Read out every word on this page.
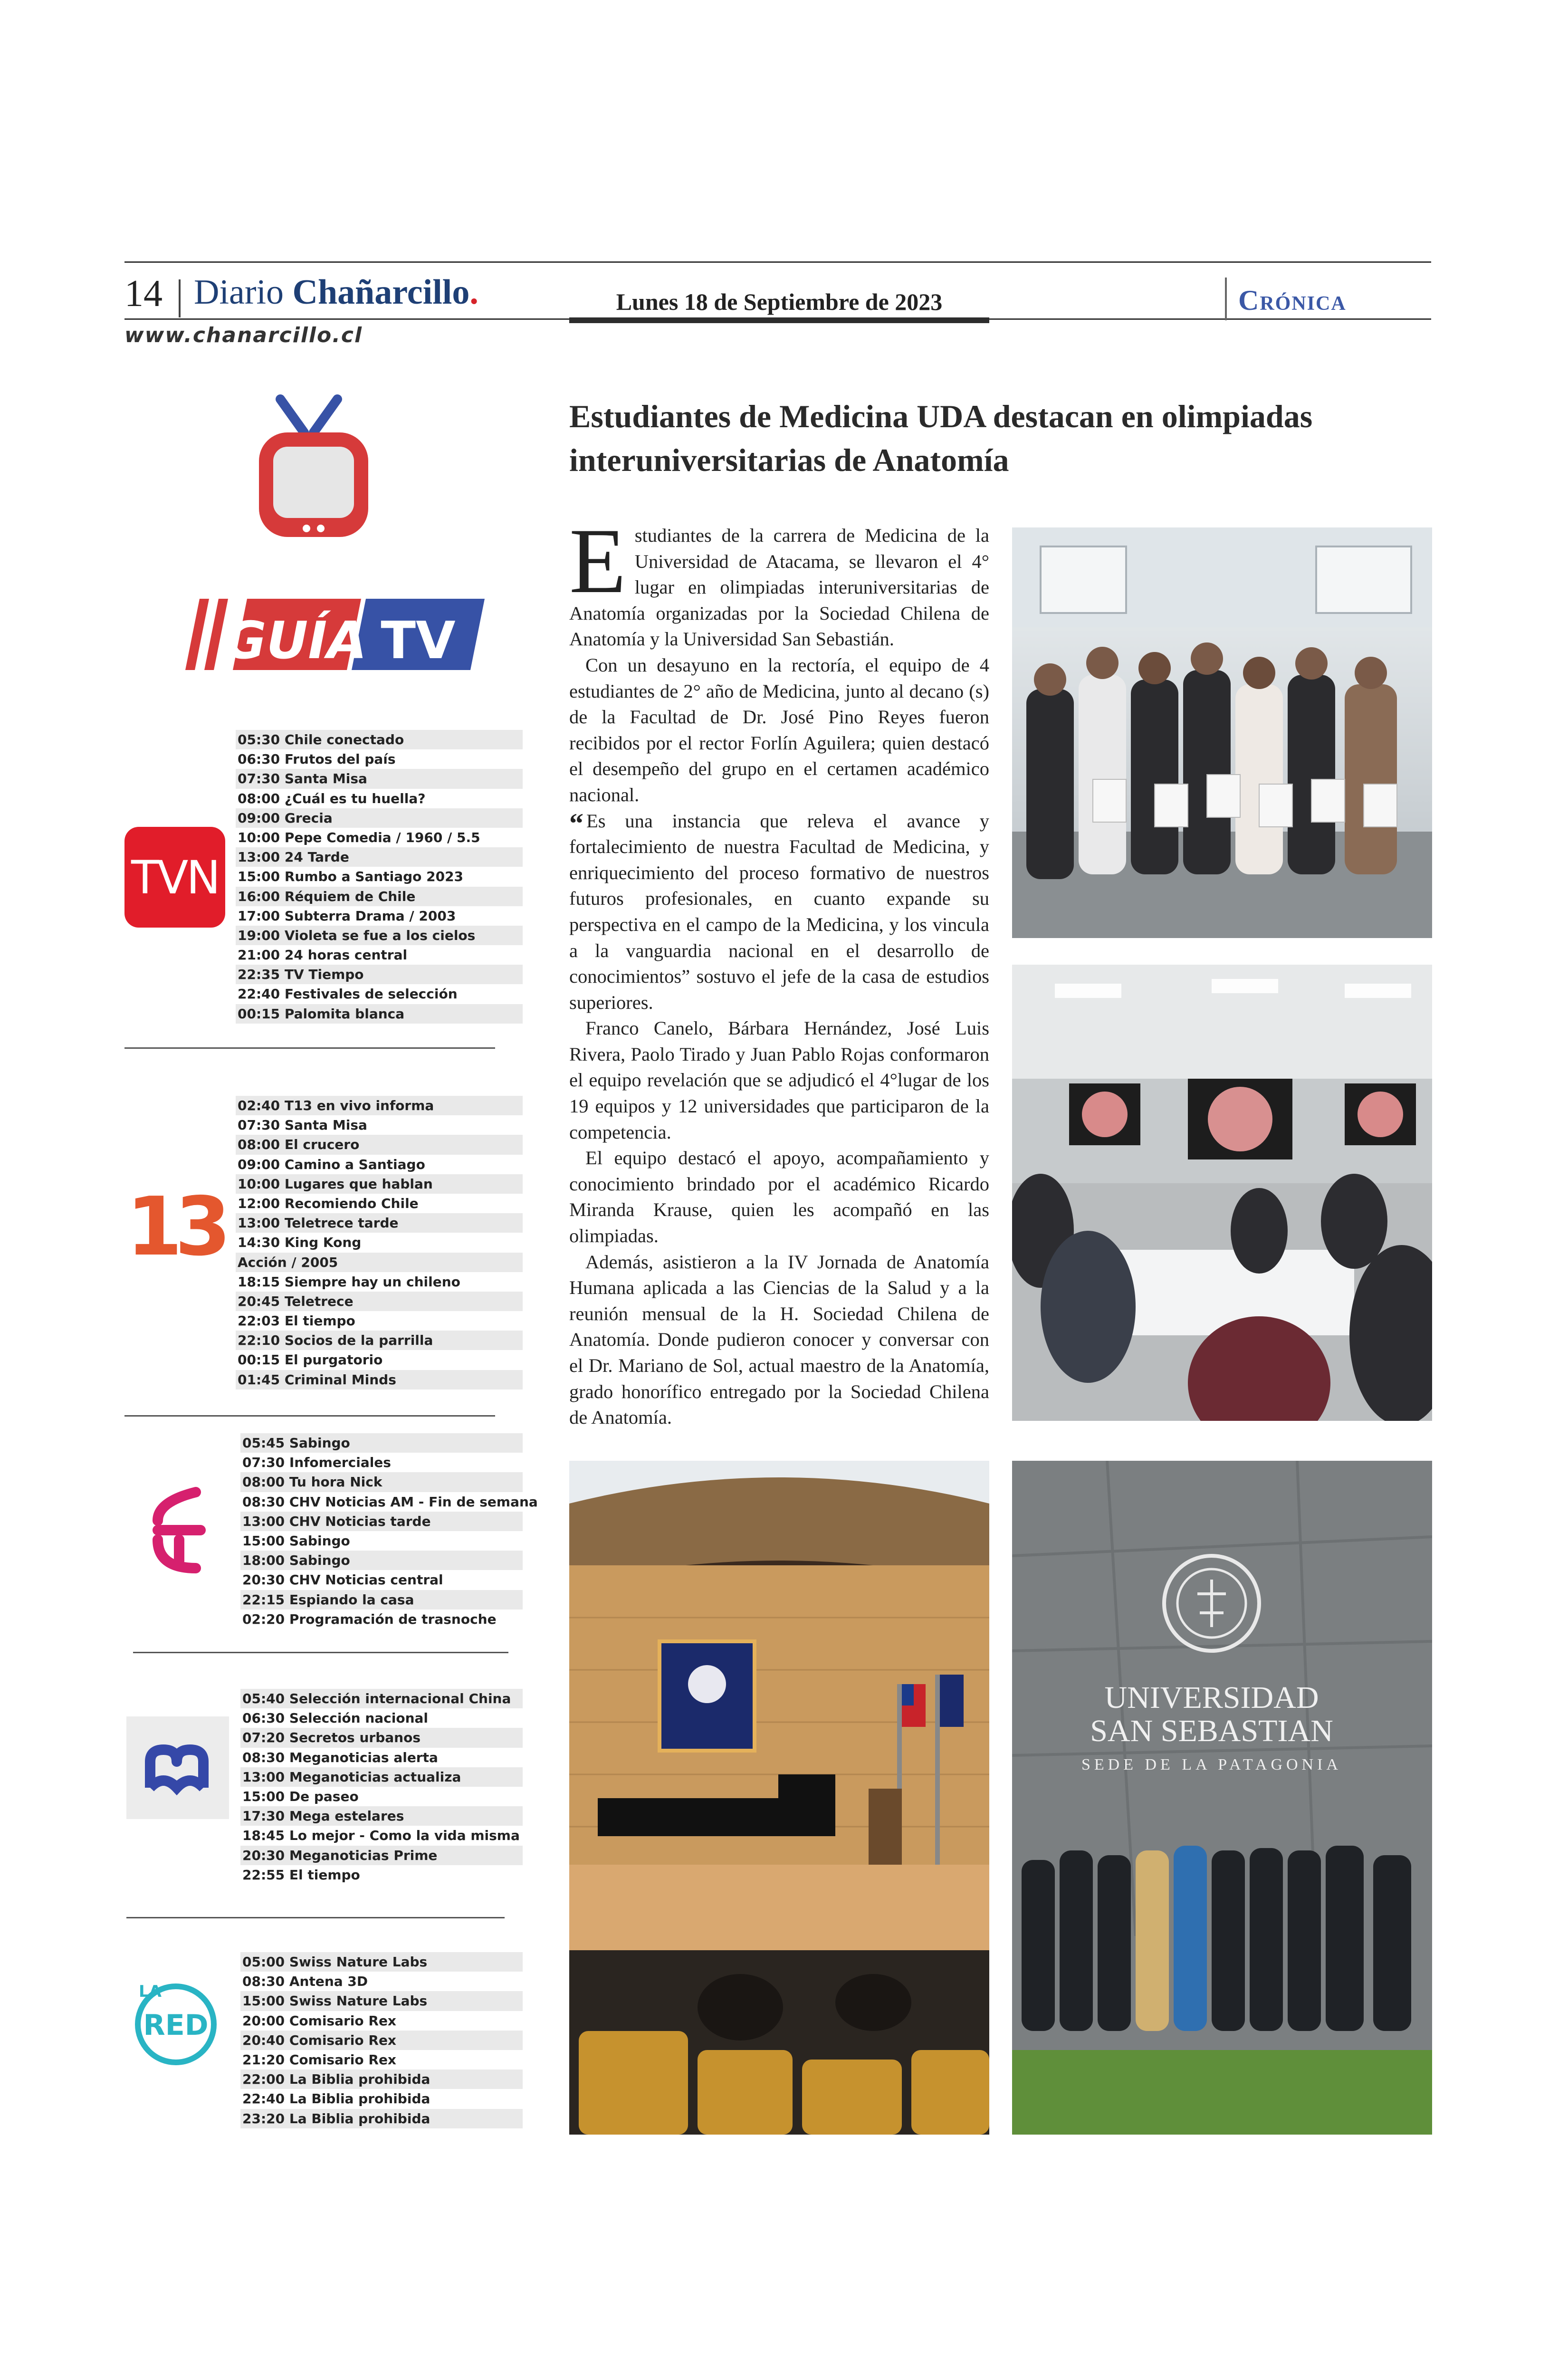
14 Diario Chañarcillo.
www.chanarcillo.cl
Lunes 18 de Septiembre de 2023	Crónica
Estudiantes de Medicina UDA destacan en olimpiadas interuniversitarias de Anatomía

Estudiantes de la carrera de Medicina de la Universidad de Atacama, se llevaron el 4° lugar en olimpiadas interuniversitarias de Anatomía organizadas por la Sociedad Chilena de Anatomía y la Universidad San Sebastián.

Con un desayuno en la rectoría, el equipo de 4 estudiantes de 2° año de Medicina, junto al decano (s) de la Facultad de Dr. José Pino Reyes fueron recibidos por el rector Forlín Aguilera; quien destacó el desempeño del grupo en el certamen académico nacional.

“ Es una instancia que releva el avance y fortalecimiento de nuestra Facultad de Medicina, y enriquecimiento del proceso formativo de nuestros futuros profesionales, en cuanto expande su perspectiva en el campo de la Medicina, y los vincula a la vanguardia nacional en el desarrollo de conocimientos” sostuvo el jefe de la casa de estudios superiores.

Franco Canelo, Bárbara Hernández, José Luis Rivera, Paolo Tirado y Juan Pablo Rojas conformaron el equipo revelación que se adjudicó el 4°lugar de los 19 equipos y 12 universidades que participaron de la competencia.

El equipo destacó el apoyo, acompañamiento y conocimiento brindado por el académico Ricardo Miranda Krause, quien les acompañó en las olimpiadas.

Además, asistieron a la IV Jornada de Anatomía Humana aplicada a las Ciencias de la Salud y a la reunión mensual de la H. Sociedad Chilena de Anatomía. Donde pudieron conocer y conversar con el Dr. Mariano de Sol, actual maestro de la Anatomía, grado honorífico entregado por la Sociedad Chilena de Anatomía.

UNIVERSIDAD
SAN SEBASTIAN
SEDE DE LA PATAGONIA
GUÍA TV
TVN
05:30 Chile conectado
06:30 Frutos del país
07:30 Santa Misa
08:00 ¿Cuál es tu huella?
09:00 Grecia
10:00 Pepe Comedia / 1960 / 5.5
13:00 24 Tarde
15:00 Rumbo a Santiago 2023
16:00 Réquiem de Chile
17:00 Subterra Drama / 2003
19:00 Violeta se fue a los cielos
21:00 24 horas central
22:35 TV Tiempo
22:40 Festivales de selección
00:15 Palomita blanca
13
02:40 T13 en vivo informa
07:30 Santa Misa
08:00 El crucero
09:00 Camino a Santiago
10:00 Lugares que hablan
12:00 Recomiendo Chile
13:00 Teletrece tarde
14:30 King Kong
Acción / 2005
18:15 Siempre hay un chileno
20:45 Teletrece
22:03 El tiempo
22:10 Socios de la parrilla
00:15 El purgatorio
01:45 Criminal Minds
05:45 Sabingo
07:30 Infomerciales
08:00 Tu hora Nick
08:30 CHV Noticias AM - Fin de semana
13:00 CHV Noticias tarde
15:00 Sabingo
18:00 Sabingo
20:30 CHV Noticias central
22:15 Espiando la casa
02:20 Programación de trasnoche
Mega
05:40 Selección internacional China
06:30 Selección nacional
07:20 Secretos urbanos
08:30 Meganoticias alerta
13:00 Meganoticias actualiza
15:00 De paseo
17:30 Mega estelares
18:45 Lo mejor - Como la vida misma
20:30 Meganoticias Prime
22:55 El tiempo
LA
RED
05:00 Swiss Nature Labs
08:30 Antena 3D
15:00 Swiss Nature Labs
20:00 Comisario Rex
20:40 Comisario Rex
21:20 Comisario Rex
22:00 La Biblia prohibida
22:40 La Biblia prohibida
23:20 La Biblia prohibida
